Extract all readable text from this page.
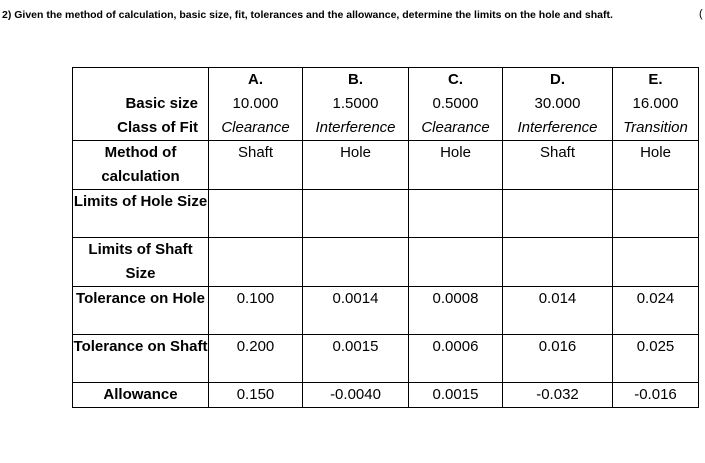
2) Given the method of calculation, basic size, fit, tolerances and the allowance, determine the limits on the hole and shaft.	(
	A.	B.	C.	D.	E.
Basic size	10.000	1.5000	0.5000	30.000	16.000
Class of Fit	Clearance	Interference	Clearance	Interference	Transition
Method of calculation	Shaft	Hole	Hole	Shaft	Hole
Limits of Hole Size					
Limits of Shaft Size					
Tolerance on Hole	0.100	0.0014	0.0008	0.014	0.024
Tolerance on Shaft	0.200	0.0015	0.0006	0.016	0.025
Allowance	0.150	-0.0040	0.0015	-0.032	-0.016
